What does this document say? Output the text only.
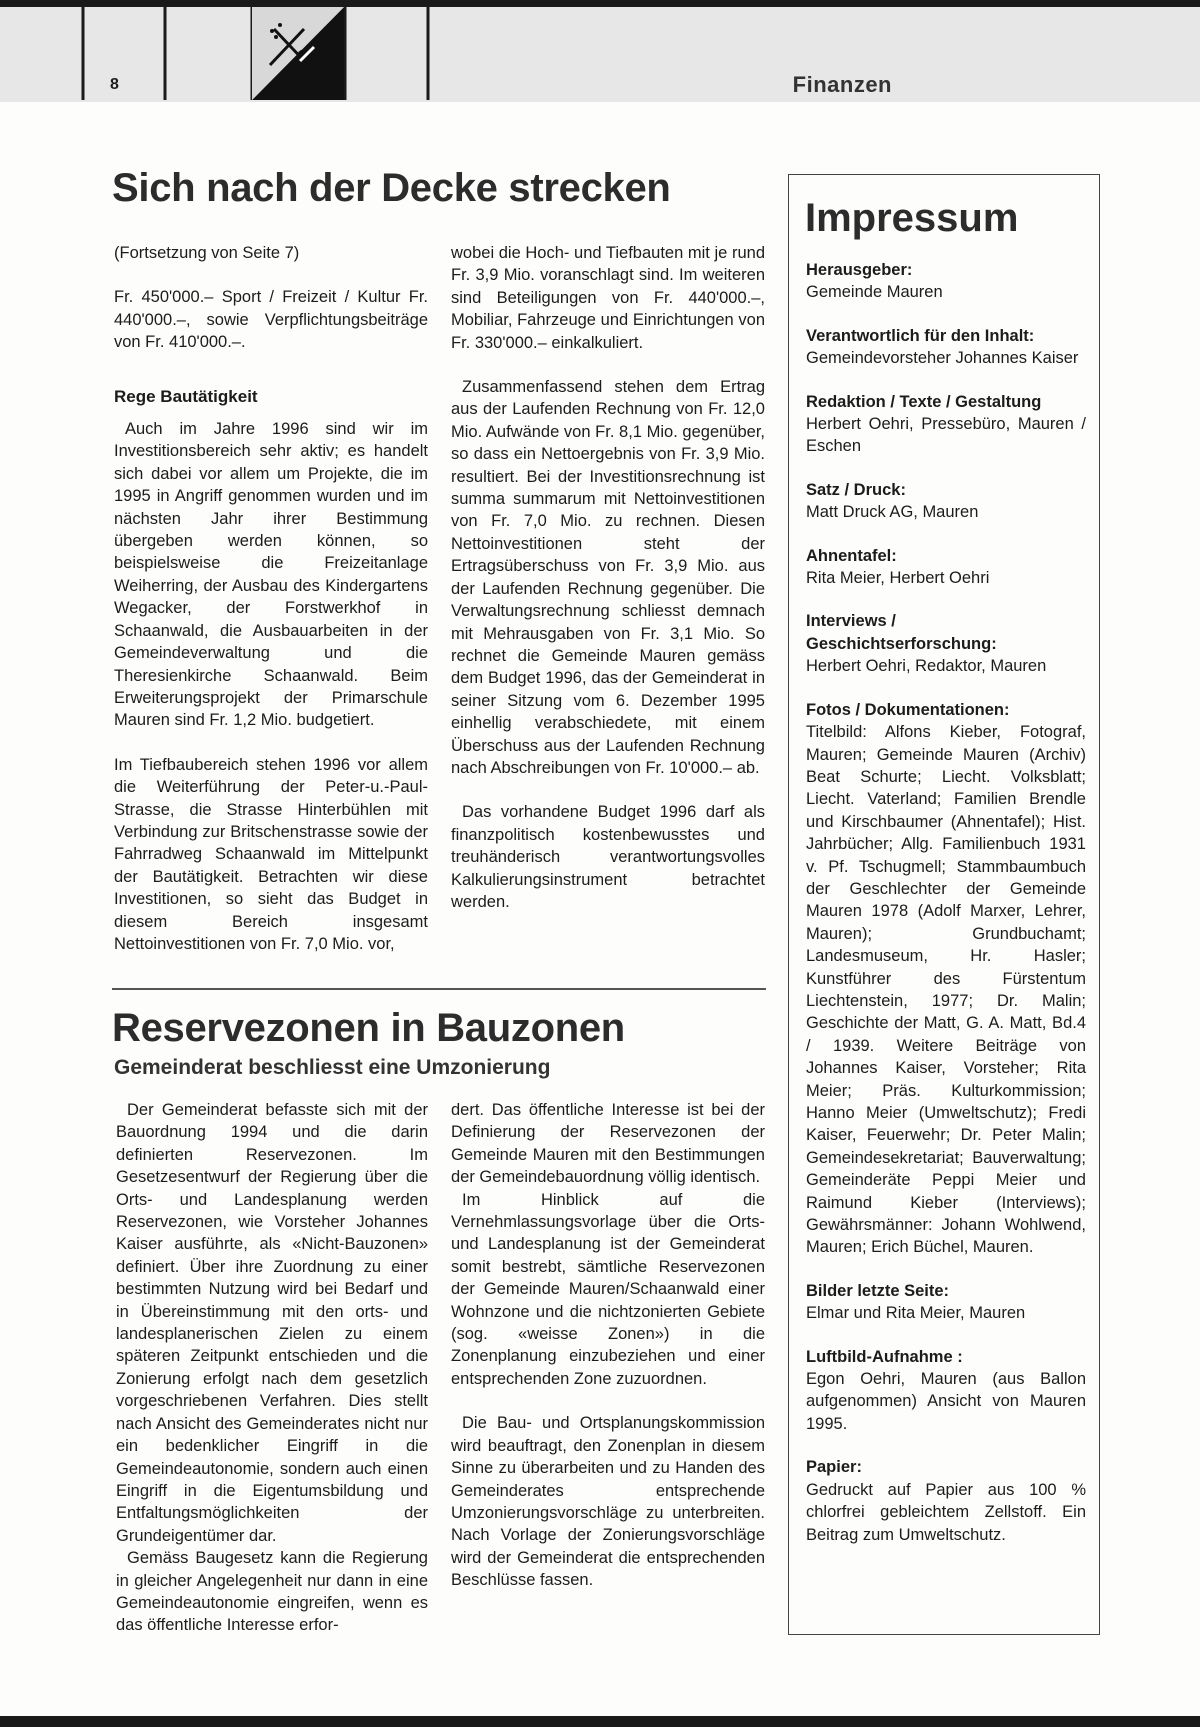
8	Finanzen
Sich nach der Decke strecken

(Fortsetzung von Seite 7)

Fr. 450'000.– Sport / Freizeit / Kultur Fr. 440'000.–, sowie Verpflichtungsbeiträge von Fr. 410'000.–.

Rege Bautätigkeit

Auch im Jahre 1996 sind wir im Investitionsbereich sehr aktiv; es handelt sich dabei vor allem um Projekte, die im 1995 in Angriff genommen wurden und im nächsten Jahr ihrer Bestimmung übergeben werden können, so beispielsweise die Freizeitanlage Weiherring, der Ausbau des Kindergartens Wegacker, der Forstwerkhof in Schaanwald, die Ausbauarbeiten in der Gemeindeverwaltung und die Theresienkirche Schaanwald. Beim Erweiterungsprojekt der Primarschule Mauren sind Fr. 1,2 Mio. budgetiert.

Im Tiefbaubereich stehen 1996 vor allem die Weiterführung der Peter-u.-Paul-Strasse, die Strasse Hinterbühlen mit Verbindung zur Britschenstrasse sowie der Fahrradweg Schaanwald im Mittelpunkt der Bautätigkeit. Betrachten wir diese Investitionen, so sieht das Budget in diesem Bereich insgesamt Nettoinvestitionen von Fr. 7,0 Mio. vor,

wobei die Hoch- und Tiefbauten mit je rund Fr. 3,9 Mio. voranschlagt sind. Im weiteren sind Beteiligungen von Fr. 440'000.–, Mobiliar, Fahrzeuge und Einrichtungen von Fr. 330'000.– einkalkuliert.

Zusammenfassend stehen dem Ertrag aus der Laufenden Rechnung von Fr. 12,0 Mio. Aufwände von Fr. 8,1 Mio. gegenüber, so dass ein Nettoergebnis von Fr. 3,9 Mio. resultiert. Bei der Investitionsrechnung ist summa summarum mit Nettoinvestitionen von Fr. 7,0 Mio. zu rechnen. Diesen Nettoinvestitionen steht der Ertragsüberschuss von Fr. 3,9 Mio. aus der Laufenden Rechnung gegenüber. Die Verwaltungsrechnung schliesst demnach mit Mehrausgaben von Fr. 3,1 Mio. So rechnet die Gemeinde Mauren gemäss dem Budget 1996, das der Gemeinderat in seiner Sitzung vom 6. Dezember 1995 einhellig verabschiedete, mit einem Überschuss aus der Laufenden Rechnung nach Abschreibungen von Fr. 10'000.– ab.

Das vorhandene Budget 1996 darf als finanzpolitisch kostenbewusstes und treuhänderisch verantwortungsvolles Kalkulierungsinstrument betrachtet werden.

Reservezonen in Bauzonen
Gemeinderat beschliesst eine Umzonierung

Der Gemeinderat befasste sich mit der Bauordnung 1994 und die darin definierten Reservezonen. Im Gesetzesentwurf der Regierung über die Orts- und Landesplanung werden Reservezonen, wie Vorsteher Johannes Kaiser ausführte, als «Nicht-Bauzonen» definiert. Über ihre Zuordnung zu einer bestimmten Nutzung wird bei Bedarf und in Übereinstimmung mit den orts- und landesplanerischen Zielen zu einem späteren Zeitpunkt entschieden und die Zonierung erfolgt nach dem gesetzlich vorgeschriebenen Verfahren. Dies stellt nach Ansicht des Gemeinderates nicht nur ein bedenklicher Eingriff in die Gemeindeautonomie, sondern auch einen Eingriff in die Eigentumsbildung und Entfaltungsmöglichkeiten der Grundeigentümer dar.

Gemäss Baugesetz kann die Regierung in gleicher Angelegenheit nur dann in eine Gemeindeautonomie eingreifen, wenn es das öffentliche Interesse erfor-

dert. Das öffentliche Interesse ist bei der Definierung der Reservezonen der Gemeinde Mauren mit den Bestimmungen der Gemeindebauordnung völlig identisch.

Im Hinblick auf die Vernehmlassungsvorlage über die Orts- und Landesplanung ist der Gemeinderat somit bestrebt, sämtliche Reservezonen der Gemeinde Mauren/Schaanwald einer Wohnzone und die nichtzonierten Gebiete (sog. «weisse Zonen») in die Zonenplanung einzubeziehen und einer entsprechenden Zone zuzuordnen.

Die Bau- und Ortsplanungskommission wird beauftragt, den Zonenplan in diesem Sinne zu überarbeiten und zu Handen des Gemeinderates entsprechende Umzonierungsvorschläge zu unterbreiten. Nach Vorlage der Zonierungsvorschläge wird der Gemeinderat die entsprechenden Beschlüsse fassen.

Impressum
Herausgeber:
Gemeinde Mauren
Verantwortlich für den Inhalt:
Gemeindevorsteher Johannes Kaiser
Redaktion / Texte / Gestaltung
Herbert Oehri, Pressebüro, Mauren / Eschen
Satz / Druck:
Matt Druck AG, Mauren
Ahnentafel:
Rita Meier, Herbert Oehri
Interviews / Geschichtserforschung:
Herbert Oehri, Redaktor, Mauren
Fotos / Dokumentationen:
Titelbild: Alfons Kieber, Fotograf, Mauren; Gemeinde Mauren (Archiv) Beat Schurte; Liecht. Volksblatt; Liecht. Vaterland; Familien Brendle und Kirschbaumer (Ahnentafel); Hist. Jahrbücher; Allg. Familienbuch 1931 v. Pf. Tschugmell; Stammbaumbuch der Geschlechter der Gemeinde Mauren 1978 (Adolf Marxer, Lehrer, Mauren); Grundbuchamt; Landesmuseum, Hr. Hasler; Kunstführer des Fürstentum Liechtenstein, 1977; Dr. Malin; Geschichte der Matt, G. A. Matt, Bd.4 / 1939. Weitere Beiträge von Johannes Kaiser, Vorsteher; Rita Meier; Präs. Kulturkommission; Hanno Meier (Umweltschutz); Fredi Kaiser, Feuerwehr; Dr. Peter Malin; Gemeindesekretariat; Bauverwaltung; Gemeinderäte Peppi Meier und Raimund Kieber (Interviews); Gewährsmänner: Johann Wohlwend, Mauren; Erich Büchel, Mauren.
Bilder letzte Seite:
Elmar und Rita Meier, Mauren
Luftbild-Aufnahme :
Egon Oehri, Mauren (aus Ballon aufgenommen) Ansicht von Mauren 1995.
Papier:
Gedruckt auf Papier aus 100 % chlorfrei gebleichtem Zellstoff. Ein Beitrag zum Umweltschutz.
